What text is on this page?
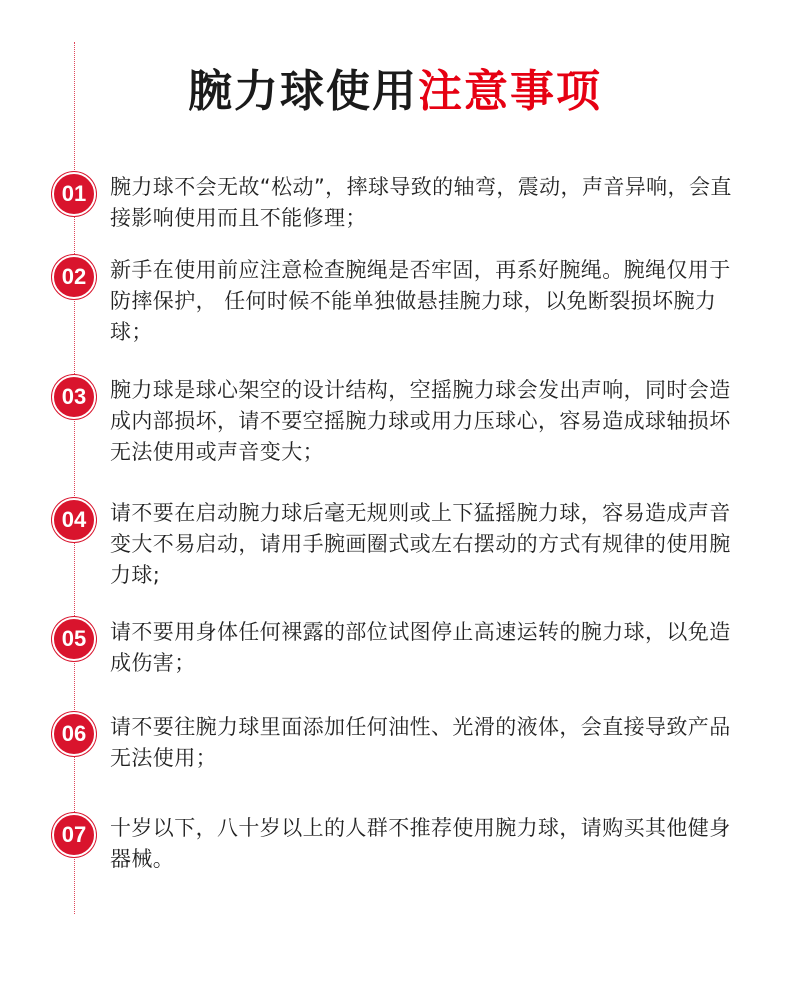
腕力球使用注意事项
01	腕力球不会无故“松动”，摔球导致的轴弯，震动，声音异响，会直接影响使用而且不能修理；
02	新手在使用前应注意检查腕绳是否牢固，再系好腕绳。腕绳仅用于防摔保护， 任何时候不能单独做悬挂腕力球，以免断裂损坏腕力球；
03	腕力球是球心架空的设计结构，空摇腕力球会发出声响，同时会造成内部损坏，请不要空摇腕力球或用力压球心，容易造成球轴损坏无法使用或声音变大；
04	请不要在启动腕力球后毫无规则或上下猛摇腕力球，容易造成声音变大不易启动，请用手腕画圈式或左右摆动的方式有规律的使用腕力球;
05	请不要用身体任何裸露的部位试图停止高速运转的腕力球，以免造成伤害；
06	请不要往腕力球里面添加任何油性、光滑的液体，会直接导致产品无法使用；
07	十岁以下，八十岁以上的人群不推荐使用腕力球，请购买其他健身器械。
